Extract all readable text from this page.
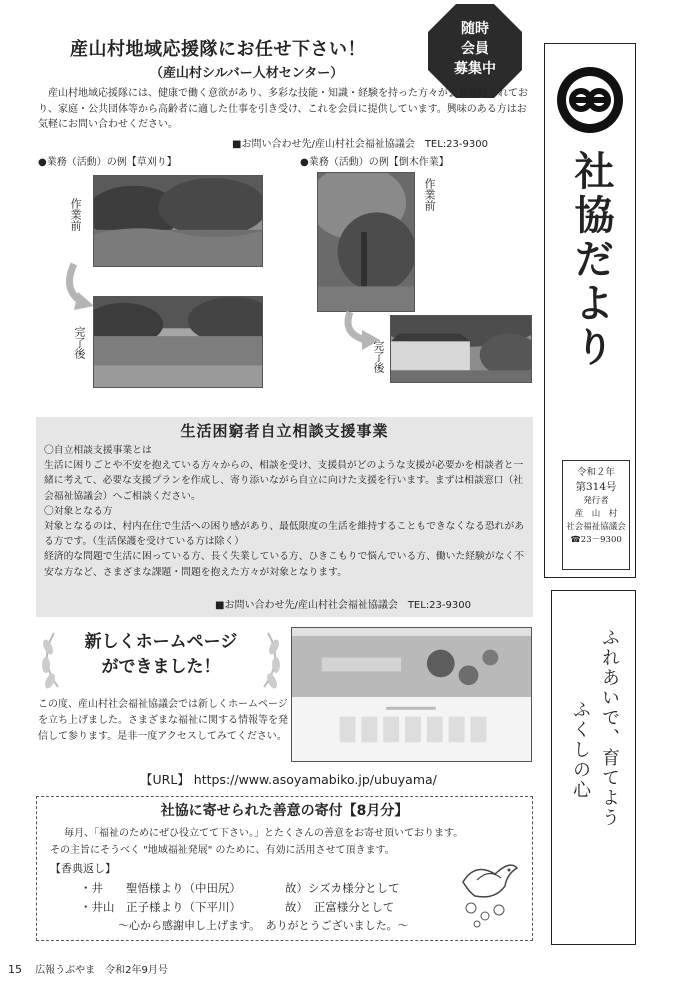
産山村地域応援隊にお任せ下さい！
（産山村シルバー人材センター）
随時
会員
募集中
産山村地域応援隊には、健康で働く意欲があり、多彩な技能・知識・経験を持った方々が会員登録されており、家庭・公共団体等から高齢者に適した仕事を引き受け、これを会員に提供しています。興味のある方はお気軽にお問い合わせください。
■お問い合わせ先/産山村社会福祉協議会　TEL:23-9300
●業務（活動）の例【草刈り】	●業務（活動）の例【倒木作業】
作業前
完了後
作業前
完了後
生活困窮者自立相談支援事業
〇自立相談支援事業とは
生活に困りごとや不安を抱えている方々からの、相談を受け、支援員がどのような支援が必要かを相談者と一緒に考えて、必要な支援プランを作成し、寄り添いながら自立に向けた支援を行います。まずは相談窓口（社会福祉協議会）へご相談ください。
〇対象となる方
対象となるのは、村内在住で生活への困り感があり、最低限度の生活を維持することもできなくなる恐れがある方です。（生活保護を受けている方は除く）
経済的な問題で生活に困っている方、長く失業している方、ひきこもりで悩んでいる方、働いた経験がなく不安な方など、さまざまな課題・問題を抱えた方々が対象となります。
■お問い合わせ先/産山村社会福祉協議会　TEL:23-9300
新しくホームページ
ができました！
この度、産山村社会福祉協議会では新しくホームページを立ち上げました。さまざまな福祉に関する情報等を発信して参ります。是非一度アクセスしてみてください。
【URL】 https://www.asoyamabiko.jp/ubuyama/
社協に寄せられた善意の寄付【8月分】
毎月、「福祉のためにぜひ役立てて下さい。」とたくさんの善意をお寄せ頂いております。
その主旨にそうべく "地域福祉発展" のために、有効に活用させて頂きます。
【香典返し】
・井　　聖悟様より（中田尻）	故）シズカ様分として
・井山　正子様より（下平川）	故）　正富様分として
～心から感謝申し上げます。　ありがとうございました。～
社協だより
令和２年
第314号
発行者
産　山　村
社会福祉協議会
☎23－9300
ふれあいで、育てよう
ふくしの心
15 広報うぶやま　令和2年9月号
